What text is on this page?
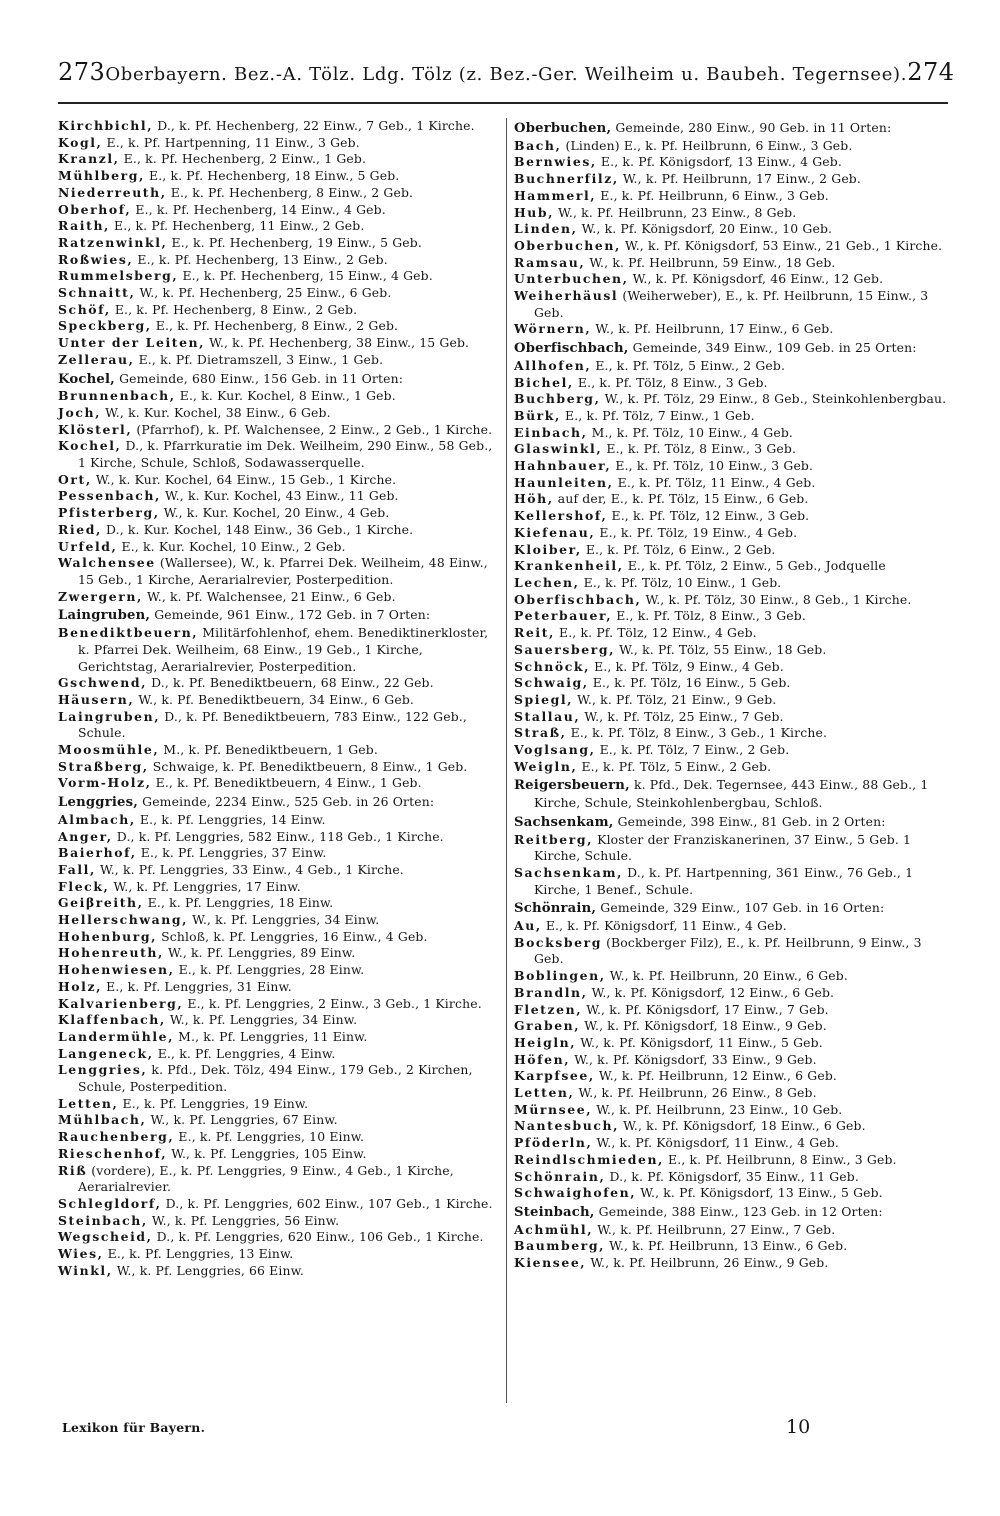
273 Oberbayern. Bez.-A. Tölz. Ldg. Tölz (z. Bez.-Ger. Weilheim u. Baubeh. Tegernsee). 274
Kirchbichl, D., k. Pf. Hechenberg, 22 Einw., 7 Geb., 1 Kirche.
Kogl, E., k. Pf. Hartpenning, 11 Einw., 3 Geb.
Kranzl, E., k. Pf. Hechenberg, 2 Einw., 1 Geb.
Mühlberg, E., k. Pf. Hechenberg, 18 Einw., 5 Geb.
Niederreuth, E., k. Pf. Hechenberg, 8 Einw., 2 Geb.
Oberhof, E., k. Pf. Hechenberg, 14 Einw., 4 Geb.
Raith, E., k. Pf. Hechenberg, 11 Einw., 2 Geb.
Ratzenwinkl, E., k. Pf. Hechenberg, 19 Einw., 5 Geb.
Roßwies, E., k. Pf. Hechenberg, 13 Einw., 2 Geb.
Rummelsberg, E., k. Pf. Hechenberg, 15 Einw., 4 Geb.
Schnaitt, W., k. Pf. Hechenberg, 25 Einw., 6 Geb.
Schöf, E., k. Pf. Hechenberg, 8 Einw., 2 Geb.
Speckberg, E., k. Pf. Hechenberg, 8 Einw., 2 Geb.
Unter der Leiten, W., k. Pf. Hechenberg, 38 Einw., 15 Geb.
Zellerau, E., k. Pf. Dietramszell, 3 Einw., 1 Geb.
Kochel, Gemeinde, 680 Einw., 156 Geb. in 11 Orten:
Brunnenbach, E., k. Kur. Kochel, 8 Einw., 1 Geb.
Joch, W., k. Kur. Kochel, 38 Einw., 6 Geb.
Klösterl, (Pfarrhof), k. Pf. Walchensee, 2 Einw., 2 Geb., 1 Kirche.
Kochel, D., k. Pfarrkuratie im Dek. Weilheim, 290 Einw., 58 Geb., 1 Kirche, Schule, Schloß, Sodawasserquelle.
Ort, W., k. Kur. Kochel, 64 Einw., 15 Geb., 1 Kirche.
Pessenbach, W., k. Kur. Kochel, 43 Einw., 11 Geb.
Pfisterberg, W., k. Kur. Kochel, 20 Einw., 4 Geb.
Ried, D., k. Kur. Kochel, 148 Einw., 36 Geb., 1 Kirche.
Urfeld, E., k. Kur. Kochel, 10 Einw., 2 Geb.
Walchensee (Wallersee), W., k. Pfarrei Dek. Weilheim, 48 Einw., 15 Geb., 1 Kirche, Aerarialrevier, Posterpedition.
Zwergern, W., k. Pf. Walchensee, 21 Einw., 6 Geb.
Laingruben, Gemeinde, 961 Einw., 172 Geb. in 7 Orten:
Benediktbeuern, Militärfohlenhof, ehem. Benediktinerkloster, k. Pfarrei Dek. Weilheim, 68 Einw., 19 Geb., 1 Kirche, Gerichtstag, Aerarialrevier, Posterpedition.
Gschwend, D., k. Pf. Benediktbeuern, 68 Einw., 22 Geb.
Häusern, W., k. Pf. Benediktbeuern, 34 Einw., 6 Geb.
Laingruben, D., k. Pf. Benediktbeuern, 783 Einw., 122 Geb., Schule.
Moosmühle, M., k. Pf. Benediktbeuern, 1 Geb.
Straßberg, Schwaige, k. Pf. Benediktbeuern, 8 Einw., 1 Geb.
Vorm-Holz, E., k. Pf. Benediktbeuern, 4 Einw., 1 Geb.
Lenggries, Gemeinde, 2234 Einw., 525 Geb. in 26 Orten:
Almbach, E., k. Pf. Lenggries, 14 Einw.
Anger, D., k. Pf. Lenggries, 582 Einw., 118 Geb., 1 Kirche.
Baierhof, E., k. Pf. Lenggries, 37 Einw.
Fall, W., k. Pf. Lenggries, 33 Einw., 4 Geb., 1 Kirche.
Fleck, W., k. Pf. Lenggries, 17 Einw.
Geiβreith, E., k. Pf. Lenggries, 18 Einw.
Hellerschwang, W., k. Pf. Lenggries, 34 Einw.
Hohenburg, Schloß, k. Pf. Lenggries, 16 Einw., 4 Geb.
Hohenreuth, W., k. Pf. Lenggries, 89 Einw.
Hohenwiesen, E., k. Pf. Lenggries, 28 Einw.
Holz, E., k. Pf. Lenggries, 31 Einw.
Kalvarienberg, E., k. Pf. Lenggries, 2 Einw., 3 Geb., 1 Kirche.
Klaffenbach, W., k. Pf. Lenggries, 34 Einw.
Landermühle, M., k. Pf. Lenggries, 11 Einw.
Langeneck, E., k. Pf. Lenggries, 4 Einw.
Lenggries, k. Pfd., Dek. Tölz, 494 Einw., 179 Geb., 2 Kirchen, Schule, Posterpedition.
Letten, E., k. Pf. Lenggries, 19 Einw.
Mühlbach, W., k. Pf. Lenggries, 67 Einw.
Rauchenberg, E., k. Pf. Lenggries, 10 Einw.
Rieschenhof, W., k. Pf. Lenggries, 105 Einw.
Riß (vordere), E., k. Pf. Lenggries, 9 Einw., 4 Geb., 1 Kirche, Aerarialrevier.
Schlegldorf, D., k. Pf. Lenggries, 602 Einw., 107 Geb., 1 Kirche.
Steinbach, W., k. Pf. Lenggries, 56 Einw.
Wegscheid, D., k. Pf. Lenggries, 620 Einw., 106 Geb., 1 Kirche.
Wies, E., k. Pf. Lenggries, 13 Einw.
Winkl, W., k. Pf. Lenggries, 66 Einw.
Oberbuchen, Gemeinde, 280 Einw., 90 Geb. in 11 Orten:
Bach, (Linden) E., k. Pf. Heilbrunn, 6 Einw., 3 Geb.
Bernwies, E., k. Pf. Königsdorf, 13 Einw., 4 Geb.
Buchnerfilz, W., k. Pf. Heilbrunn, 17 Einw., 2 Geb.
Hammerl, E., k. Pf. Heilbrunn, 6 Einw., 3 Geb.
Hub, W., k. Pf. Heilbrunn, 23 Einw., 8 Geb.
Linden, W., k. Pf. Königsdorf, 20 Einw., 10 Geb.
Oberbuchen, W., k. Pf. Königsdorf, 53 Einw., 21 Geb., 1 Kirche.
Ramsau, W., k. Pf. Heilbrunn, 59 Einw., 18 Geb.
Unterbuchen, W., k. Pf. Königsdorf, 46 Einw., 12 Geb.
Weiherhäusl (Weiherweber), E., k. Pf. Heilbrunn, 15 Einw., 3 Geb.
Wörnern, W., k. Pf. Heilbrunn, 17 Einw., 6 Geb.
Oberfischbach, Gemeinde, 349 Einw., 109 Geb. in 25 Orten:
Allhofen, E., k. Pf. Tölz, 5 Einw., 2 Geb.
Bichel, E., k. Pf. Tölz, 8 Einw., 3 Geb.
Buchberg, W., k. Pf. Tölz, 29 Einw., 8 Geb., Steinkohlenbergbau.
Bürk, E., k. Pf. Tölz, 7 Einw., 1 Geb.
Einbach, M., k. Pf. Tölz, 10 Einw., 4 Geb.
Glaswinkl, E., k. Pf. Tölz, 8 Einw., 3 Geb.
Hahnbauer, E., k. Pf. Tölz, 10 Einw., 3 Geb.
Haunleiten, E., k. Pf. Tölz, 11 Einw., 4 Geb.
Höh, auf der, E., k. Pf. Tölz, 15 Einw., 6 Geb.
Kellershof, E., k. Pf. Tölz, 12 Einw., 3 Geb.
Kiefenau, E., k. Pf. Tölz, 19 Einw., 4 Geb.
Kloiber, E., k. Pf. Tölz, 6 Einw., 2 Geb.
Krankenheil, E., k. Pf. Tölz, 2 Einw., 5 Geb., Jodquelle
Lechen, E., k. Pf. Tölz, 10 Einw., 1 Geb.
Oberfischbach, W., k. Pf. Tölz, 30 Einw., 8 Geb., 1 Kirche.
Peterbauer, E., k. Pf. Tölz, 8 Einw., 3 Geb.
Reit, E., k. Pf. Tölz, 12 Einw., 4 Geb.
Sauersberg, W., k. Pf. Tölz, 55 Einw., 18 Geb.
Schnöck, E., k. Pf. Tölz, 9 Einw., 4 Geb.
Schwaig, E., k. Pf. Tölz, 16 Einw., 5 Geb.
Spiegl, W., k. Pf. Tölz, 21 Einw., 9 Geb.
Stallau, W., k. Pf. Tölz, 25 Einw., 7 Geb.
Straß, E., k. Pf. Tölz, 8 Einw., 3 Geb., 1 Kirche.
Voglsang, E., k. Pf. Tölz, 7 Einw., 2 Geb.
Weigln, E., k. Pf. Tölz, 5 Einw., 2 Geb.
Reigersbeuern, k. Pfd., Dek. Tegernsee, 443 Einw., 88 Geb., 1 Kirche, Schule, Steinkohlenbergbau, Schloß.
Sachsenkam, Gemeinde, 398 Einw., 81 Geb. in 2 Orten:
Reitberg, Kloster der Franziskanerinen, 37 Einw., 5 Geb. 1 Kirche, Schule.
Sachsenkam, D., k. Pf. Hartpenning, 361 Einw., 76 Geb., 1 Kirche, 1 Benef., Schule.
Schönrain, Gemeinde, 329 Einw., 107 Geb. in 16 Orten:
Au, E., k. Pf. Königsdorf, 11 Einw., 4 Geb.
Bocksberg (Bockberger Filz), E., k. Pf. Heilbrunn, 9 Einw., 3 Geb.
Boblingen, W., k. Pf. Heilbrunn, 20 Einw., 6 Geb.
Brandln, W., k. Pf. Königsdorf, 12 Einw., 6 Geb.
Fletzen, W., k. Pf. Königsdorf, 17 Einw., 7 Geb.
Graben, W., k. Pf. Königsdorf, 18 Einw., 9 Geb.
Heigln, W., k. Pf. Königsdorf, 11 Einw., 5 Geb.
Höfen, W., k. Pf. Königsdorf, 33 Einw., 9 Geb.
Karpfsee, W., k. Pf. Heilbrunn, 12 Einw., 6 Geb.
Letten, W., k. Pf. Heilbrunn, 26 Einw., 8 Geb.
Mürnsee, W., k. Pf. Heilbrunn, 23 Einw., 10 Geb.
Nantesbuch, W., k. Pf. Königsdorf, 18 Einw., 6 Geb.
Pföderln, W., k. Pf. Königsdorf, 11 Einw., 4 Geb.
Reindlschmieden, E., k. Pf. Heilbrunn, 8 Einw., 3 Geb.
Schönrain, D., k. Pf. Königsdorf, 35 Einw., 11 Geb.
Schwaighofen, W., k. Pf. Königsdorf, 13 Einw., 5 Geb.
Steinbach, Gemeinde, 388 Einw., 123 Geb. in 12 Orten:
Achmühl, W., k. Pf. Heilbrunn, 27 Einw., 7 Geb.
Baumberg, W., k. Pf. Heilbrunn, 13 Einw., 6 Geb.
Kiensee, W., k. Pf. Heilbrunn, 26 Einw., 9 Geb.
Lexikon für Bayern.	10
